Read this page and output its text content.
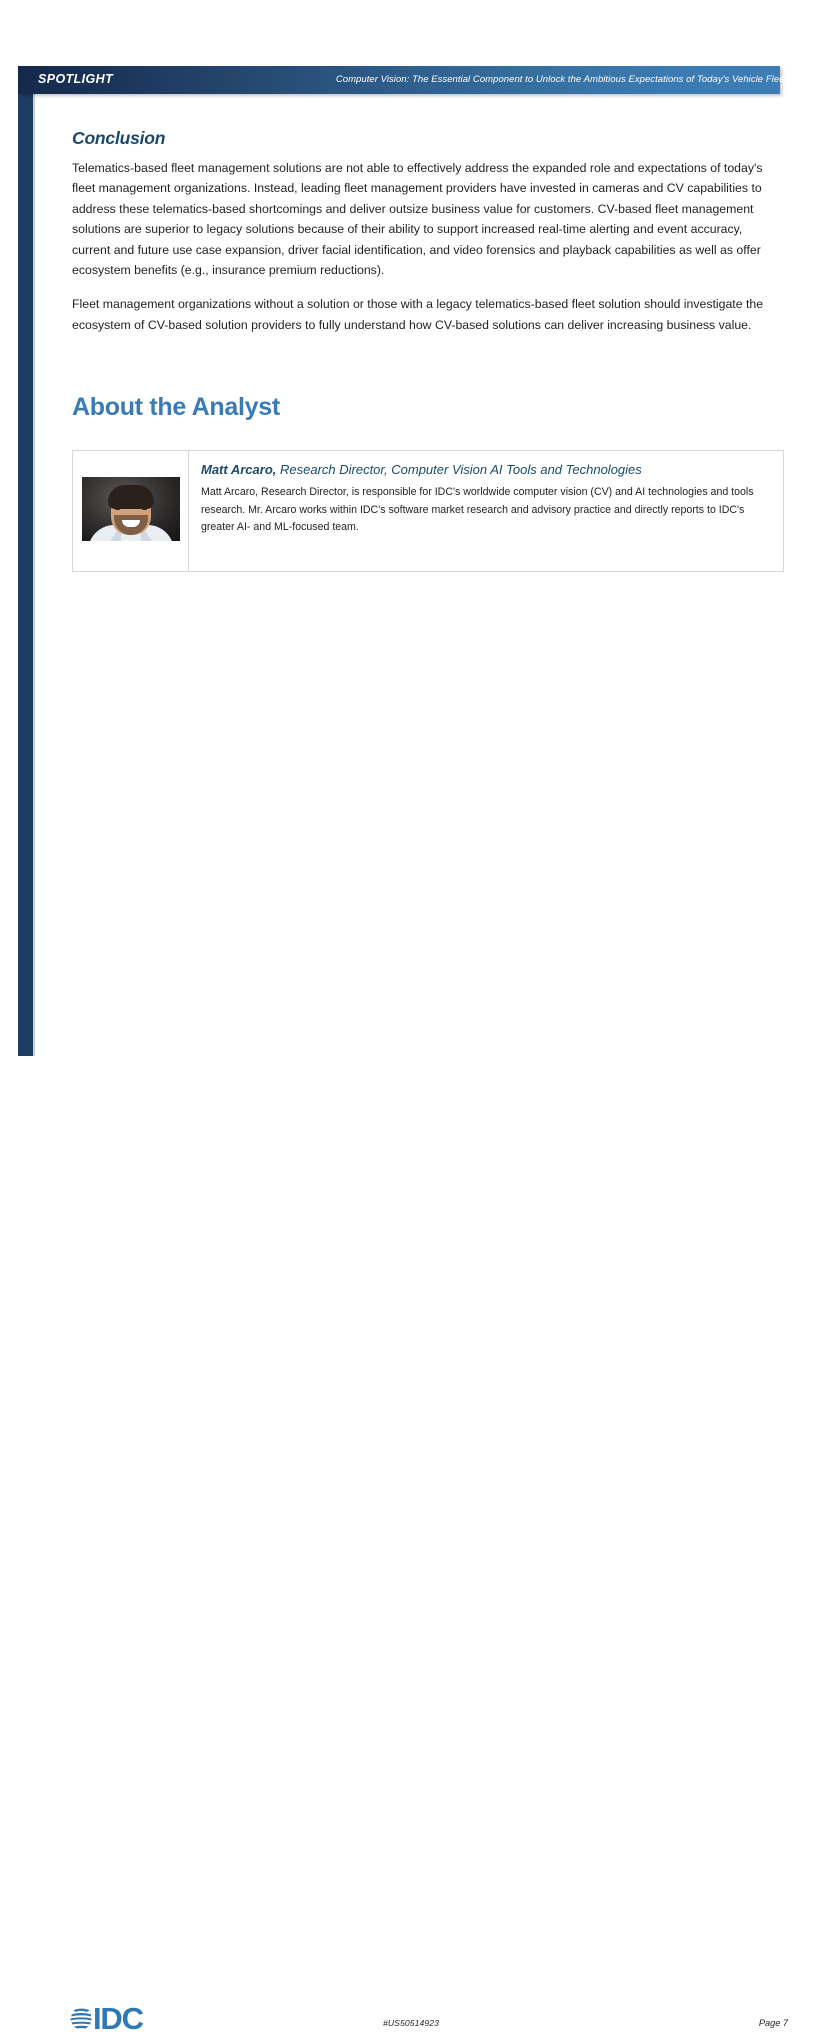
SPOTLIGHT	Computer Vision: The Essential Component to Unlock the Ambitious Expectations of Today's Vehicle Fleets
Conclusion

Telematics-based fleet management solutions are not able to effectively address the expanded role and expectations of today's fleet management organizations. Instead, leading fleet management providers have invested in cameras and CV capabilities to address these telematics-based shortcomings and deliver outsize business value for customers. CV-based fleet management solutions are superior to legacy solutions because of their ability to support increased real-time alerting and event accuracy, current and future use case expansion, driver facial identification, and video forensics and playback capabilities as well as offer ecosystem benefits (e.g., insurance premium reductions).

Fleet management organizations without a solution or those with a legacy telematics-based fleet solution should investigate the ecosystem of CV-based solution providers to fully understand how CV-based solutions can deliver increasing business value.

About the Analyst
Matt Arcaro, Research Director, Computer Vision AI Tools and Technologies

Matt Arcaro, Research Director, is responsible for IDC's worldwide computer vision (CV) and AI technologies and tools research. Mr. Arcaro works within IDC's software market research and advisory practice and directly reports to IDC's greater AI- and ML-focused team.

IDC	#US50514923	Page 7
